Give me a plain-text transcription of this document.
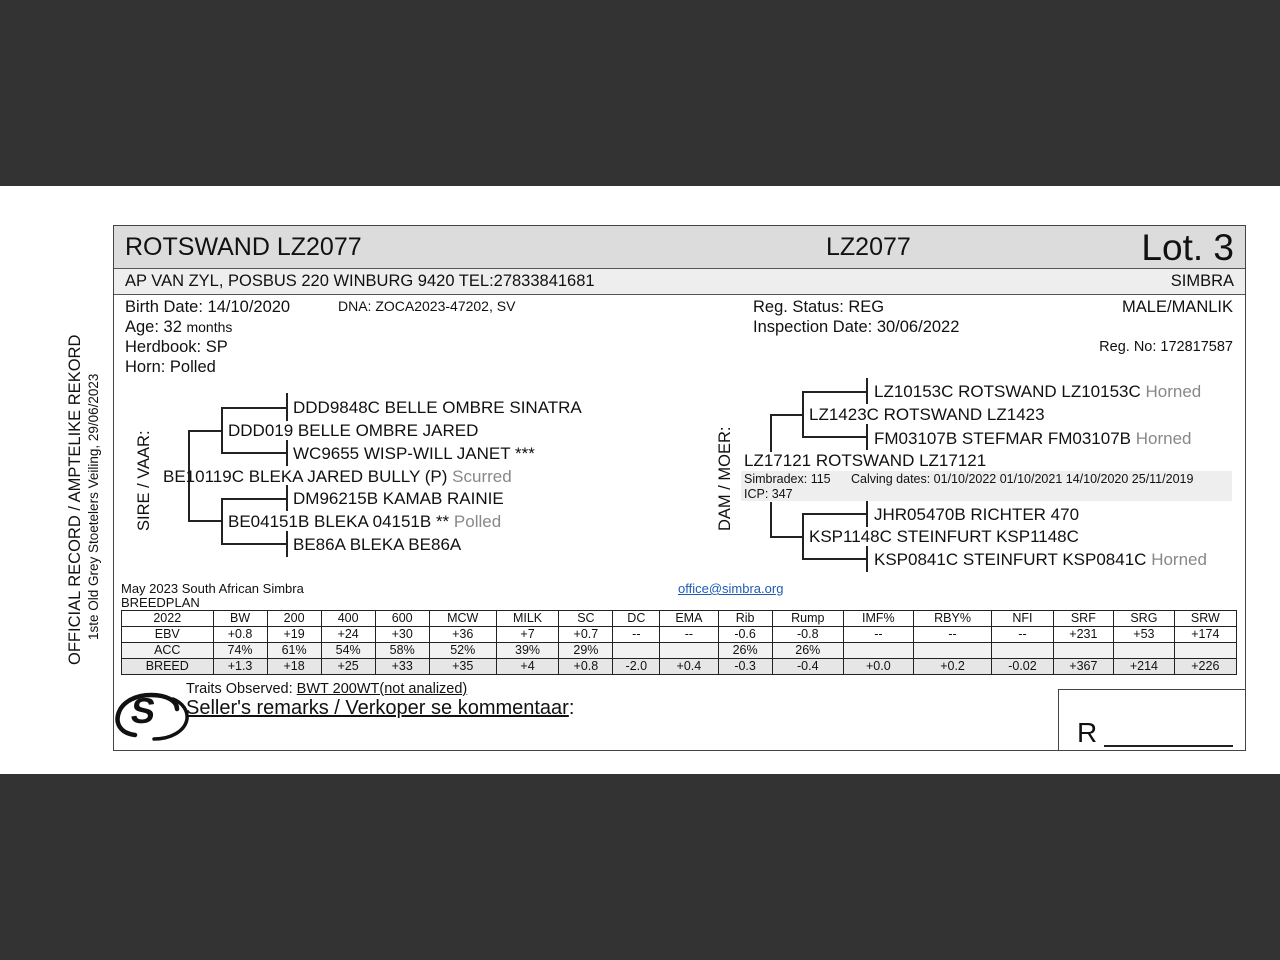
OFFICIAL RECORD / AMPTELIKE REKORD 1ste Old Grey Stoetelers Veiling, 29/06/2023
ROTSWAND LZ2077	LZ2077	Lot. 3
AP VAN ZYL, POSBUS 220 WINBURG 9420 TEL:27833841681	SIMBRA
Birth Date: 14/10/2020	DNA: ZOCA2023-47202, SV
Age: 32 months
Herdbook: SP
Horn: Polled
Reg. Status: REG
Inspection Date: 30/06/2022
MALE/MANLIK
Reg. No: 172817587
SIRE / VAAR:
DDD9848C BELLE OMBRE SINATRA
DDD019 BELLE OMBRE JARED
WC9655 WISP-WILL JANET ***
BE10119C BLEKA JARED BULLY (P) Scurred
DM96215B KAMAB RAINIE
BE04151B BLEKA 04151B ** Polled
BE86A BLEKA BE86A
DAM / MOER:
LZ10153C ROTSWAND LZ10153C Horned
LZ1423C ROTSWAND LZ1423
FM03107B STEFMAR FM03107B Horned
LZ17121 ROTSWAND LZ17121
Simbradex: 115 Calving dates: 01/10/2022 01/10/2021 14/10/2020 25/11/2019
ICP: 347
JHR05470B RICHTER 470
KSP1148C STEINFURT KSP1148C
KSP0841C STEINFURT KSP0841C Horned
May 2023 South African Simbra
BREEDPLAN
office@simbra.org
2022	BW	200	400	600	MCW	MILK	SC	DC	EMA	Rib	Rump	IMF%	RBY%	NFI	SRF	SRG	SRW
EBV	+0.8	+19	+24	+30	+36	+7	+0.7	--	--	-0.6	-0.8	--	--	--	+231	+53	+174
ACC	74%	61%	54%	58%	52%	39%	29%			26%	26%						
BREED	+1.3	+18	+25	+33	+35	+4	+0.8	-2.0	+0.4	-0.3	-0.4	+0.0	+0.2	-0.02	+367	+214	+226
S
Traits Observed: BWT 200WT(not analized)
Seller's remarks / Verkoper se kommentaar:
R
